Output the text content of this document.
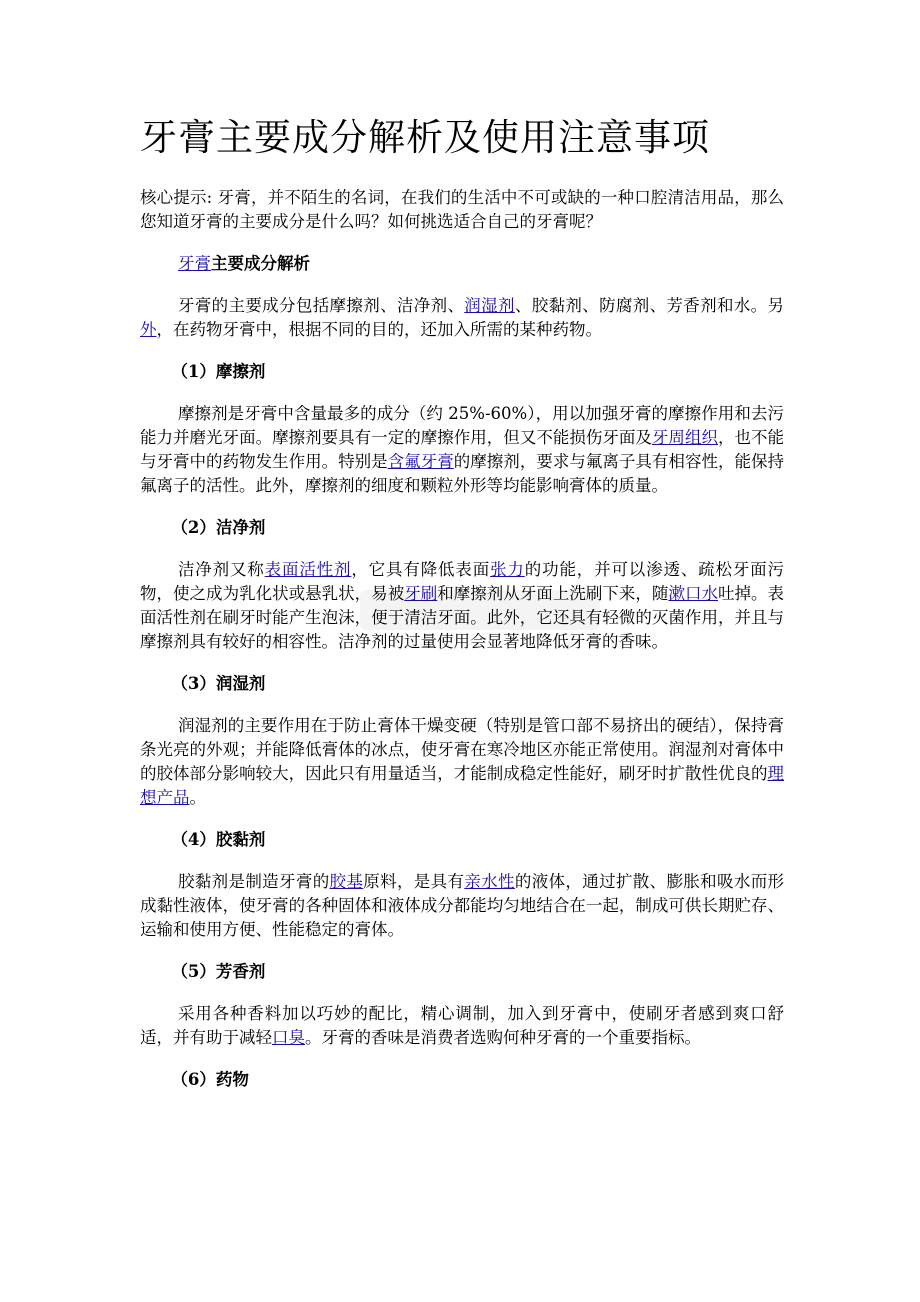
牙膏主要成分解析及使用注意事项

核心提示: 牙膏，并不陌生的名词，在我们的生活中不可或缺的一种口腔清洁用品，那么您知道牙膏的主要成分是什么吗？如何挑选适合自己的牙膏呢？

牙膏主要成分解析

牙膏的主要成分包括摩擦剂、洁净剂、润湿剂、胶黏剂、防腐剂、芳香剂和水。另外，在药物牙膏中，根据不同的目的，还加入所需的某种药物。

（1）摩擦剂

摩擦剂是牙膏中含量最多的成分（约 25%-60%），用以加强牙膏的摩擦作用和去污能力并磨光牙面。摩擦剂要具有一定的摩擦作用，但又不能损伤牙面及牙周组织，也不能与牙膏中的药物发生作用。特别是含氟牙膏的摩擦剂，要求与氟离子具有相容性，能保持氟离子的活性。此外，摩擦剂的细度和颗粒外形等均能影响膏体的质量。

（2）洁净剂

洁净剂又称表面活性剂，它具有降低表面张力的功能，并可以渗透、疏松牙面污物，使之成为乳化状或悬乳状，易被牙刷和摩擦剂从牙面上洗刷下来，随漱口水吐掉。表面活性剂在刷牙时能产生泡沫，便于清洁牙面。此外，它还具有轻微的灭菌作用，并且与摩擦剂具有较好的相容性。洁净剂的过量使用会显著地降低牙膏的香味。

（3）润湿剂

润湿剂的主要作用在于防止膏体干燥变硬（特别是管口部不易挤出的硬结），保持膏条光亮的外观；并能降低膏体的冰点，使牙膏在寒冷地区亦能正常使用。润湿剂对膏体中的胶体部分影响较大，因此只有用量适当，才能制成稳定性能好，刷牙时扩散性优良的理想产品。

（4）胶黏剂

胶黏剂是制造牙膏的胶基原料，是具有亲水性的液体，通过扩散、膨胀和吸水而形成黏性液体，使牙膏的各种固体和液体成分都能均匀地结合在一起，制成可供长期贮存、运输和使用方便、性能稳定的膏体。

（5）芳香剂

采用各种香料加以巧妙的配比，精心调制，加入到牙膏中，使刷牙者感到爽口舒适，并有助于减轻口臭。牙膏的香味是消费者选购何种牙膏的一个重要指标。

（6）药物
